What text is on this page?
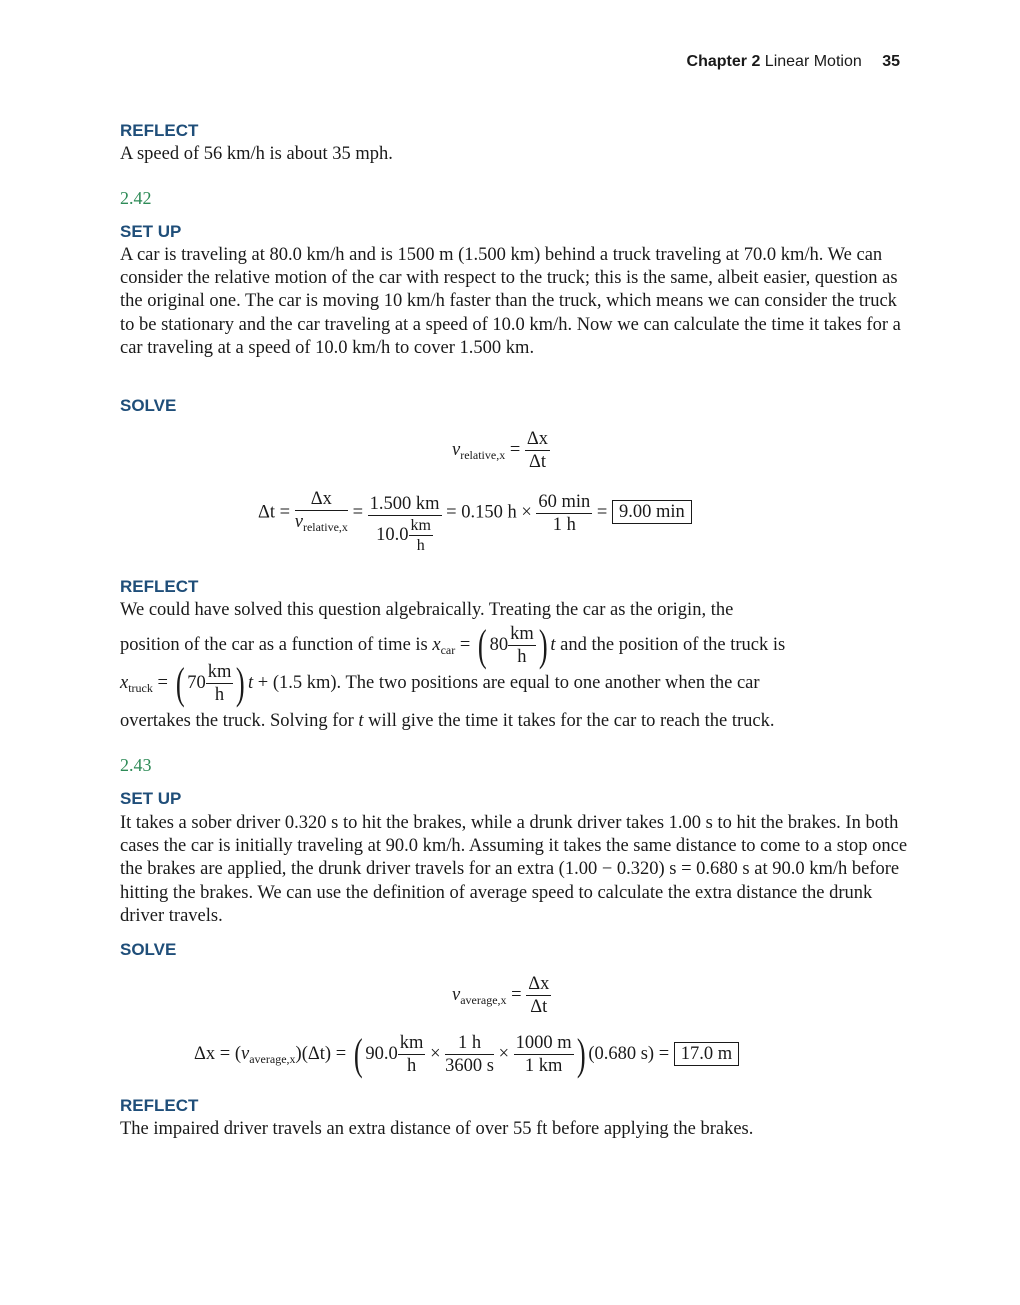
Chapter 2 Linear Motion 35
REFLECT
A speed of 56 km/h is about 35 mph.
2.42
SET UP
A car is traveling at 80.0 km/h and is 1500 m (1.500 km) behind a truck traveling at 70.0 km/h. We can consider the relative motion of the car with respect to the truck; this is the same, albeit easier, question as the original one. The car is moving 10 km/h faster than the truck, which means we can consider the truck to be stationary and the car traveling at a speed of 10.0 km/h. Now we can calculate the time it takes for a car traveling at a speed of 10.0 km/h to cover 1.500 km.
SOLVE
$v_{relative,x} = \frac{\Delta x}{\Delta t}$
$\Delta t = \frac{\Delta x}{v_{relative,x}} = \frac{1.500 km}{10.0 \frac{km}{h}} = 0.150$ $h \times \frac{60 \min}{1 h} = 9.00$ min
REFLECT
We could have solved this question algebraically. Treating the car as the origin, the
position of the car as a function of time is $x_{car}$ = ( $80 \frac{km}{h}$ ) t and the position of the truck is
$x_{truck}$ = ( $70 \frac{km}{h}$ ) t + (1.5 km). The two positions are equal to one another when the car
overtakes the truck. Solving for t will give the time it takes for the car to reach the truck.
2.43
SET UP
It takes a sober driver 0.320 s to hit the brakes, while a drunk driver takes 1.00 s to hit the brakes. In both cases the car is initially traveling at 90.0 km/h. Assuming it takes the same distance to come to a stop once the brakes are applied, the drunk driver travels for an extra (1.00 − 0.320) s = 0.680 s at 90.0 km/h before hitting the brakes. We can use the definition of average speed to calculate the extra distance the drunk driver travels.
SOLVE
$v_{average,x} = \frac{\Delta x}{\Delta t}$
$\Delta x = (v_{average,x})(\Delta t)$ = ( $90.0 \frac{km}{h} \times \frac{1 h}{3600 s} \times \frac{1000 m}{1 km}$ ) (0.680 s) = 17.0 m
REFLECT
The impaired driver travels an extra distance of over 55 ft before applying the brakes.
